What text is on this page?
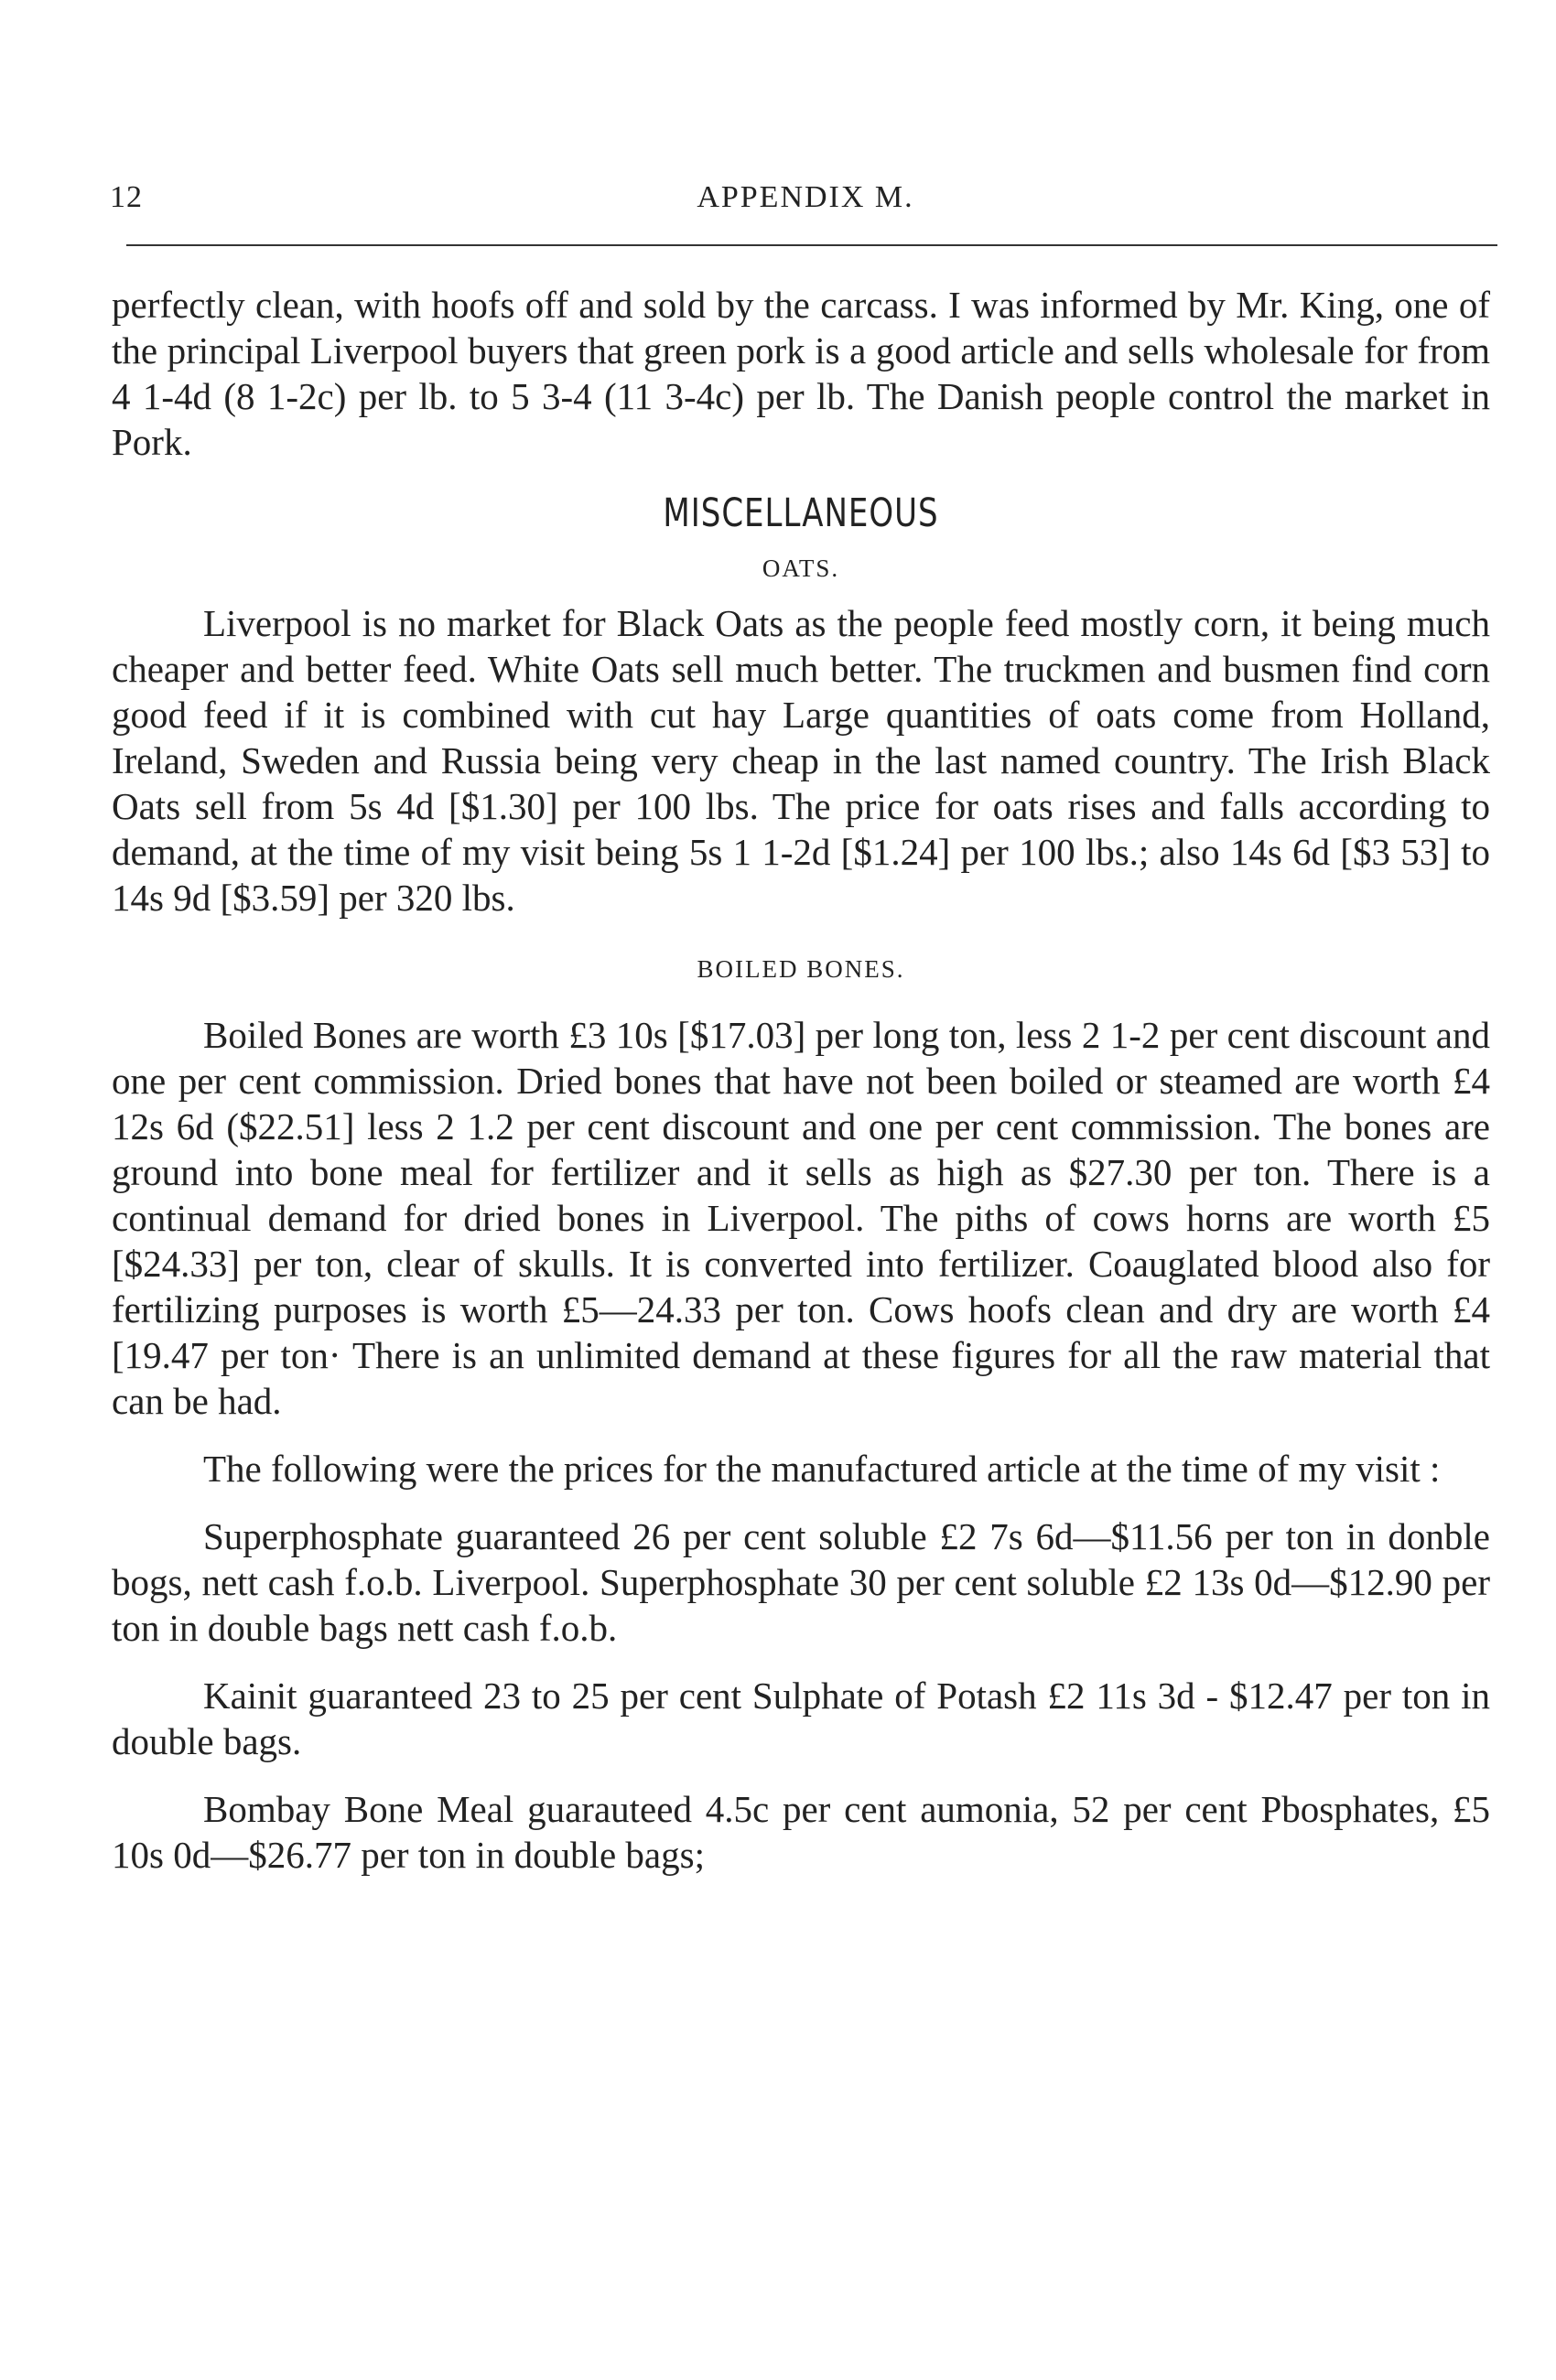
12	APPENDIX M.

perfectly clean, with hoofs off and sold by the carcass. I was informed by Mr. King, one of the principal Liverpool buyers that green pork is a good article and sells wholesale for from 4 1-4d (8 1-2c) per lb. to 5 3-4 (11 3-4c) per lb. The Danish people control the market in Pork.

MISCELLANEOUS
OATS.

Liverpool is no market for Black Oats as the people feed mostly corn, it being much cheaper and better feed. White Oats sell much better. The truckmen and busmen find corn good feed if it is combined with cut hay Large quantities of oats come from Holland, Ireland, Sweden and Russia being very cheap in the last named country. The Irish Black Oats sell from 5s 4d [$1.30] per 100 lbs. The price for oats rises and falls according to demand, at the time of my visit being 5s 1 1-2d [$1.24] per 100 lbs.; also 14s 6d [$3 53] to 14s 9d [$3.59] per 320 lbs.

BOILED BONES.

Boiled Bones are worth £3 10s [$17.03] per long ton, less 2 1-2 per cent discount and one per cent commission. Dried bones that have not been boiled or steamed are worth £4 12s 6d ($22.51] less 2 1.2 per cent discount and one per cent commission. The bones are ground into bone meal for fertilizer and it sells as high as $27.30 per ton. There is a continual demand for dried bones in Liverpool. The piths of cows horns are worth £5 [$24.33] per ton, clear of skulls. It is converted into fertilizer. Coauglated blood also for fertilizing purposes is worth £5—24.33 per ton. Cows hoofs clean and dry are worth £4 [19.47 per ton· There is an unlimited demand at these figures for all the raw material that can be had.

The following were the prices for the manufactured article at the time of my visit :

Superphosphate guaranteed 26 per cent soluble £2 7s 6d—$11.56 per ton in donble bogs, nett cash f.o.b. Liverpool. Superphosphate 30 per cent soluble £2 13s 0d—$12.90 per ton in double bags nett cash f.o.b.

Kainit guaranteed 23 to 25 per cent Sulphate of Potash £2 11s 3d - $12.47 per ton in double bags.

Bombay Bone Meal guarauteed 4.5c per cent aumonia, 52 per cent Pbosphates, £5 10s 0d—$26.77 per ton in double bags;
